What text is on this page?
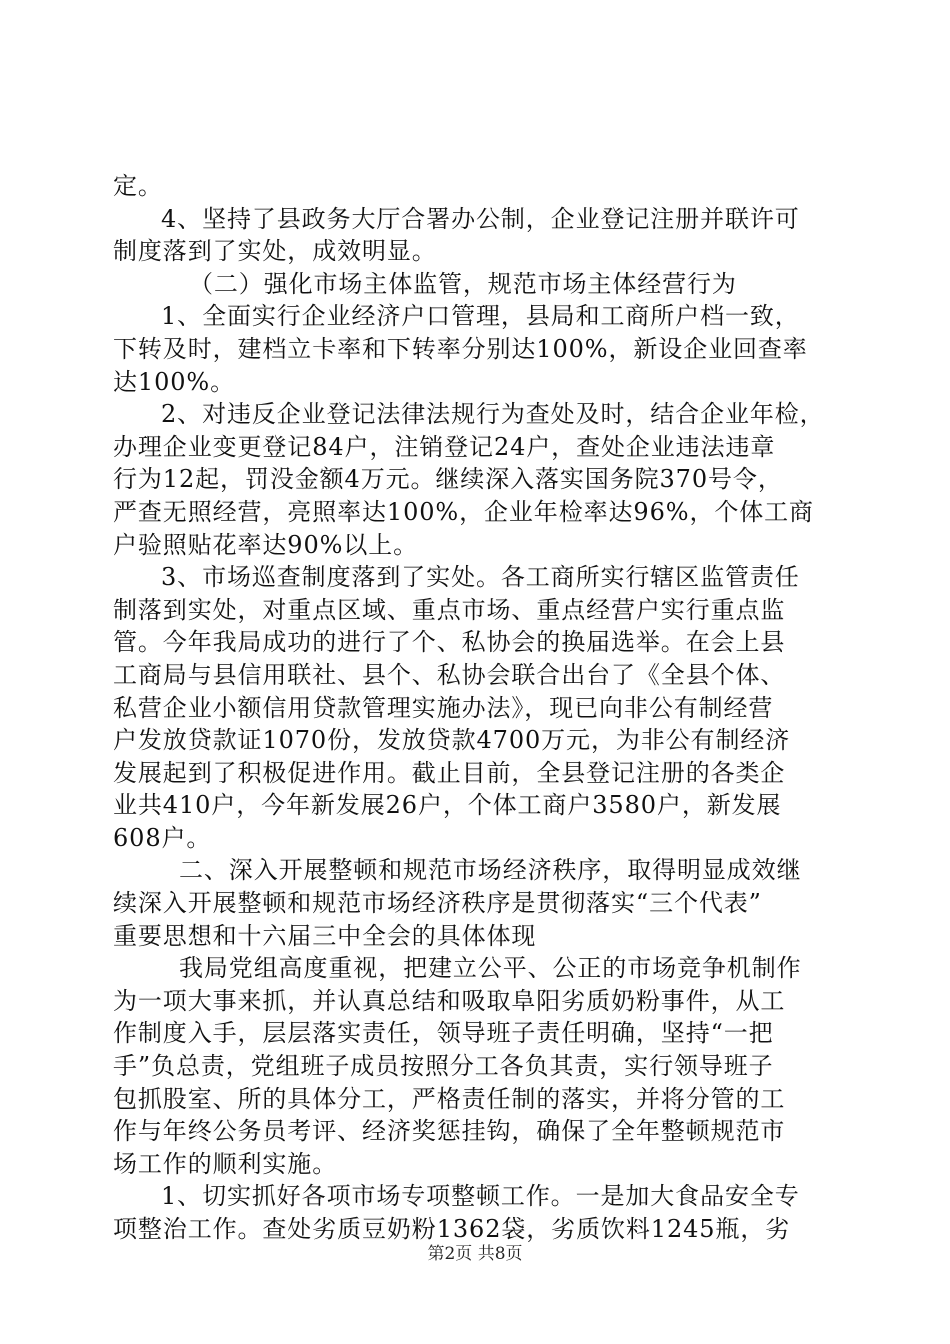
定。
4、坚持了县政务大厅合署办公制，企业登记注册并联许可
制度落到了实处，成效明显。
（二）强化市场主体监管，规范市场主体经营行为
1、全面实行企业经济户口管理，县局和工商所户档一致，
下转及时，建档立卡率和下转率分别达100%，新设企业回查率
达100%。
2、对违反企业登记法律法规行为查处及时，结合企业年检，
办理企业变更登记84户，注销登记24户，查处企业违法违章
行为12起，罚没金额4万元。继续深入落实国务院370号令，
严查无照经营，亮照率达100%，企业年检率达96%，个体工商
户验照贴花率达90%以上。
3、市场巡查制度落到了实处。各工商所实行辖区监管责任
制落到实处，对重点区域、重点市场、重点经营户实行重点监
管。今年我局成功的进行了个、私协会的换届选举。在会上县
工商局与县信用联社、县个、私协会联合出台了《全县个体、
私营企业小额信用贷款管理实施办法》，现已向非公有制经营
户发放贷款证1070份，发放贷款4700万元，为非公有制经济
发展起到了积极促进作用。截止目前，全县登记注册的各类企
业共410户，今年新发展26户，个体工商户3580户，新发展
608户。
二、深入开展整顿和规范市场经济秩序，取得明显成效继
续深入开展整顿和规范市场经济秩序是贯彻落实“三个代表”
重要思想和十六届三中全会的具体体现
我局党组高度重视，把建立公平、公正的市场竞争机制作
为一项大事来抓，并认真总结和吸取阜阳劣质奶粉事件，从工
作制度入手，层层落实责任，领导班子责任明确，坚持“一把
手”负总责，党组班子成员按照分工各负其责，实行领导班子
包抓股室、所的具体分工，严格责任制的落实，并将分管的工
作与年终公务员考评、经济奖惩挂钩，确保了全年整顿规范市
场工作的顺利实施。
1、切实抓好各项市场专项整顿工作。一是加大食品安全专
项整治工作。查处劣质豆奶粉1362袋，劣质饮料1245瓶，劣
第2页 共8页
